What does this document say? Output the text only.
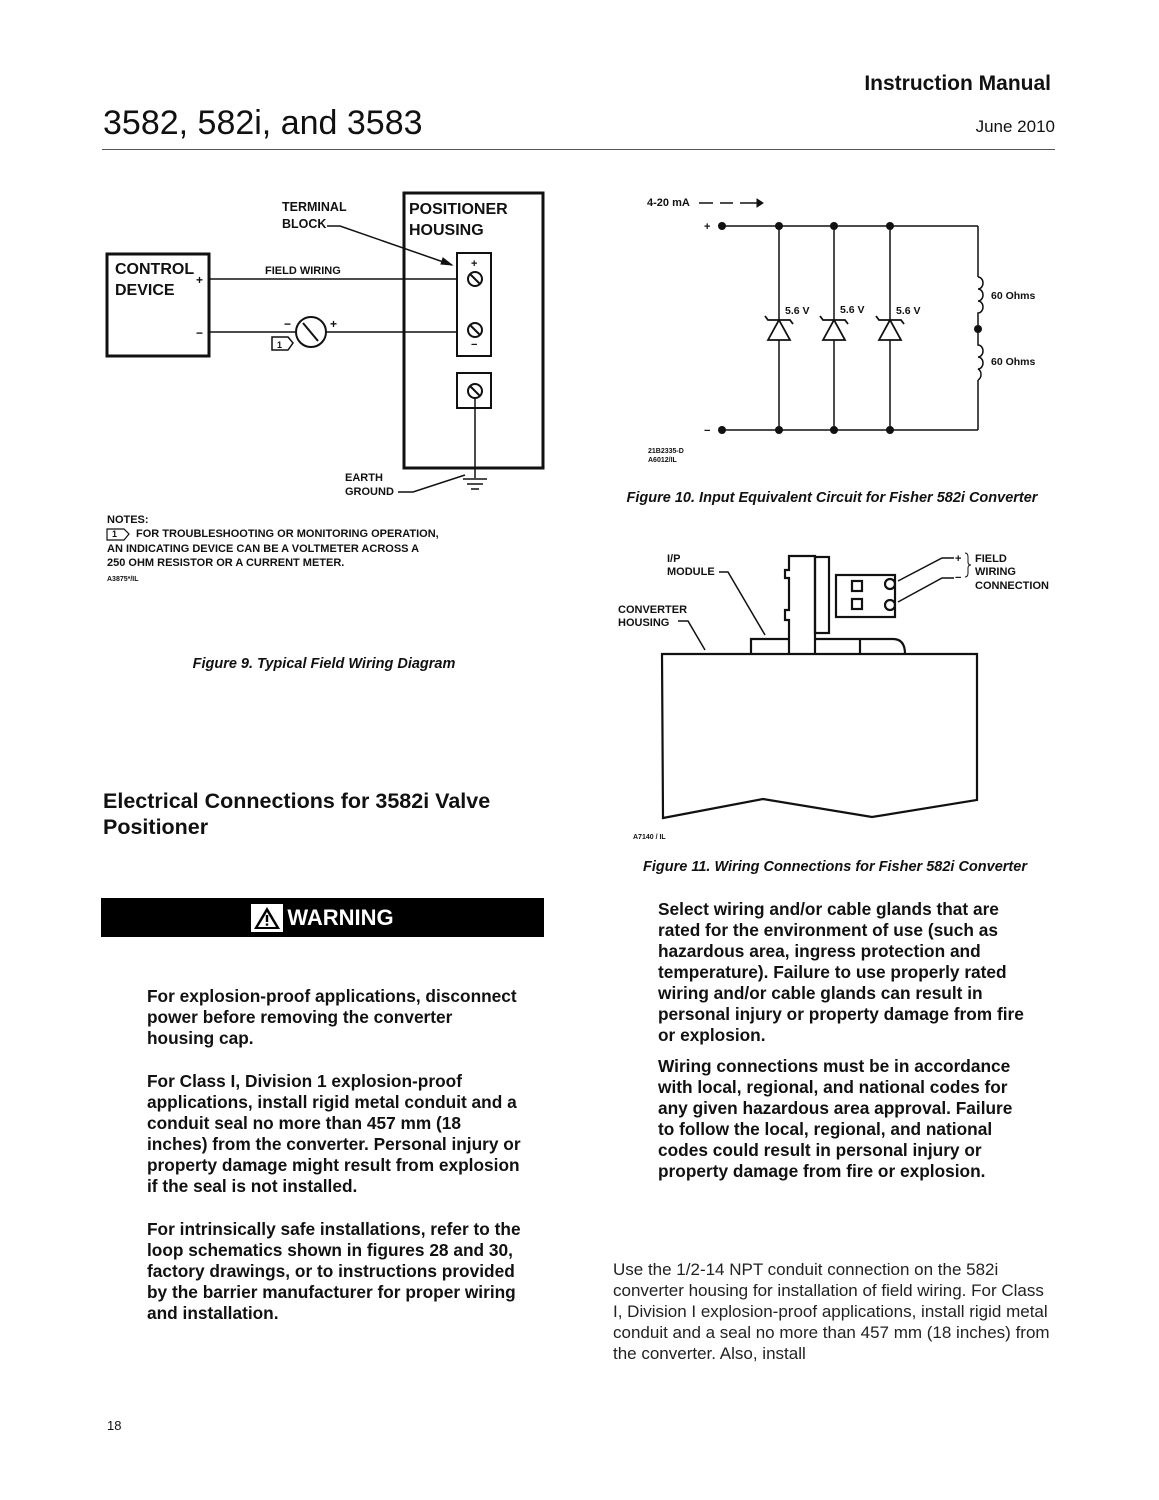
Instruction Manual
3582, 582i, and 3583	June 2010
TERMINAL
BLOCK
POSITIONER
HOUSING
CONTROL
DEVICE
+
−
−	+
+
−
FIELD WIRING
1
EARTH
GROUND
NOTES:
FOR TROUBLESHOOTING OR MONITORING OPERATION,
AN INDICATING DEVICE CAN BE A VOLTMETER ACROSS A
250 OHM RESISTOR OR A CURRENT METER.
1
A3875*/IL
Figure 9. Typical Field Wiring Diagram
4-20 mA
+
−
5.6 V	5.6 V	5.6 V
60 Ohms
60 Ohms
21B2335-D
A6012/IL
Figure 10. Input Equivalent Circuit for Fisher 582i Converter
I/P
MODULE
CONVERTER
HOUSING
+
−
FIELD
WIRING
CONNECTION
A7140 / IL
Figure 11. Wiring Connections for Fisher 582i Converter
Electrical Connections for 3582i Valve Positioner
WARNING

For explosion-proof applications, disconnect power before removing the converter housing cap.

For Class I, Division 1 explosion-proof applications, install rigid metal conduit and a conduit seal no more than 457 mm (18 inches) from the converter. Personal injury or property damage might result from explosion if the seal is not installed.

For intrinsically safe installations, refer to the loop schematics shown in figures 28 and 30, factory drawings, or to instructions provided by the barrier manufacturer for proper wiring and installation.

Select wiring and/or cable glands that are rated for the environment of use (such as hazardous area, ingress protection and temperature). Failure to use properly rated wiring and/or cable glands can result in personal injury or property damage from fire or explosion.

Wiring connections must be in accordance with local, regional, and national codes for any given hazardous area approval. Failure to follow the local, regional, and national codes could result in personal injury or property damage from fire or explosion.

Use the 1/2-14 NPT conduit connection on the 582i converter housing for installation of field wiring. For Class I, Division I explosion-proof applications, install rigid metal conduit and a seal no more than 457 mm (18 inches) from the converter. Also, install
18
